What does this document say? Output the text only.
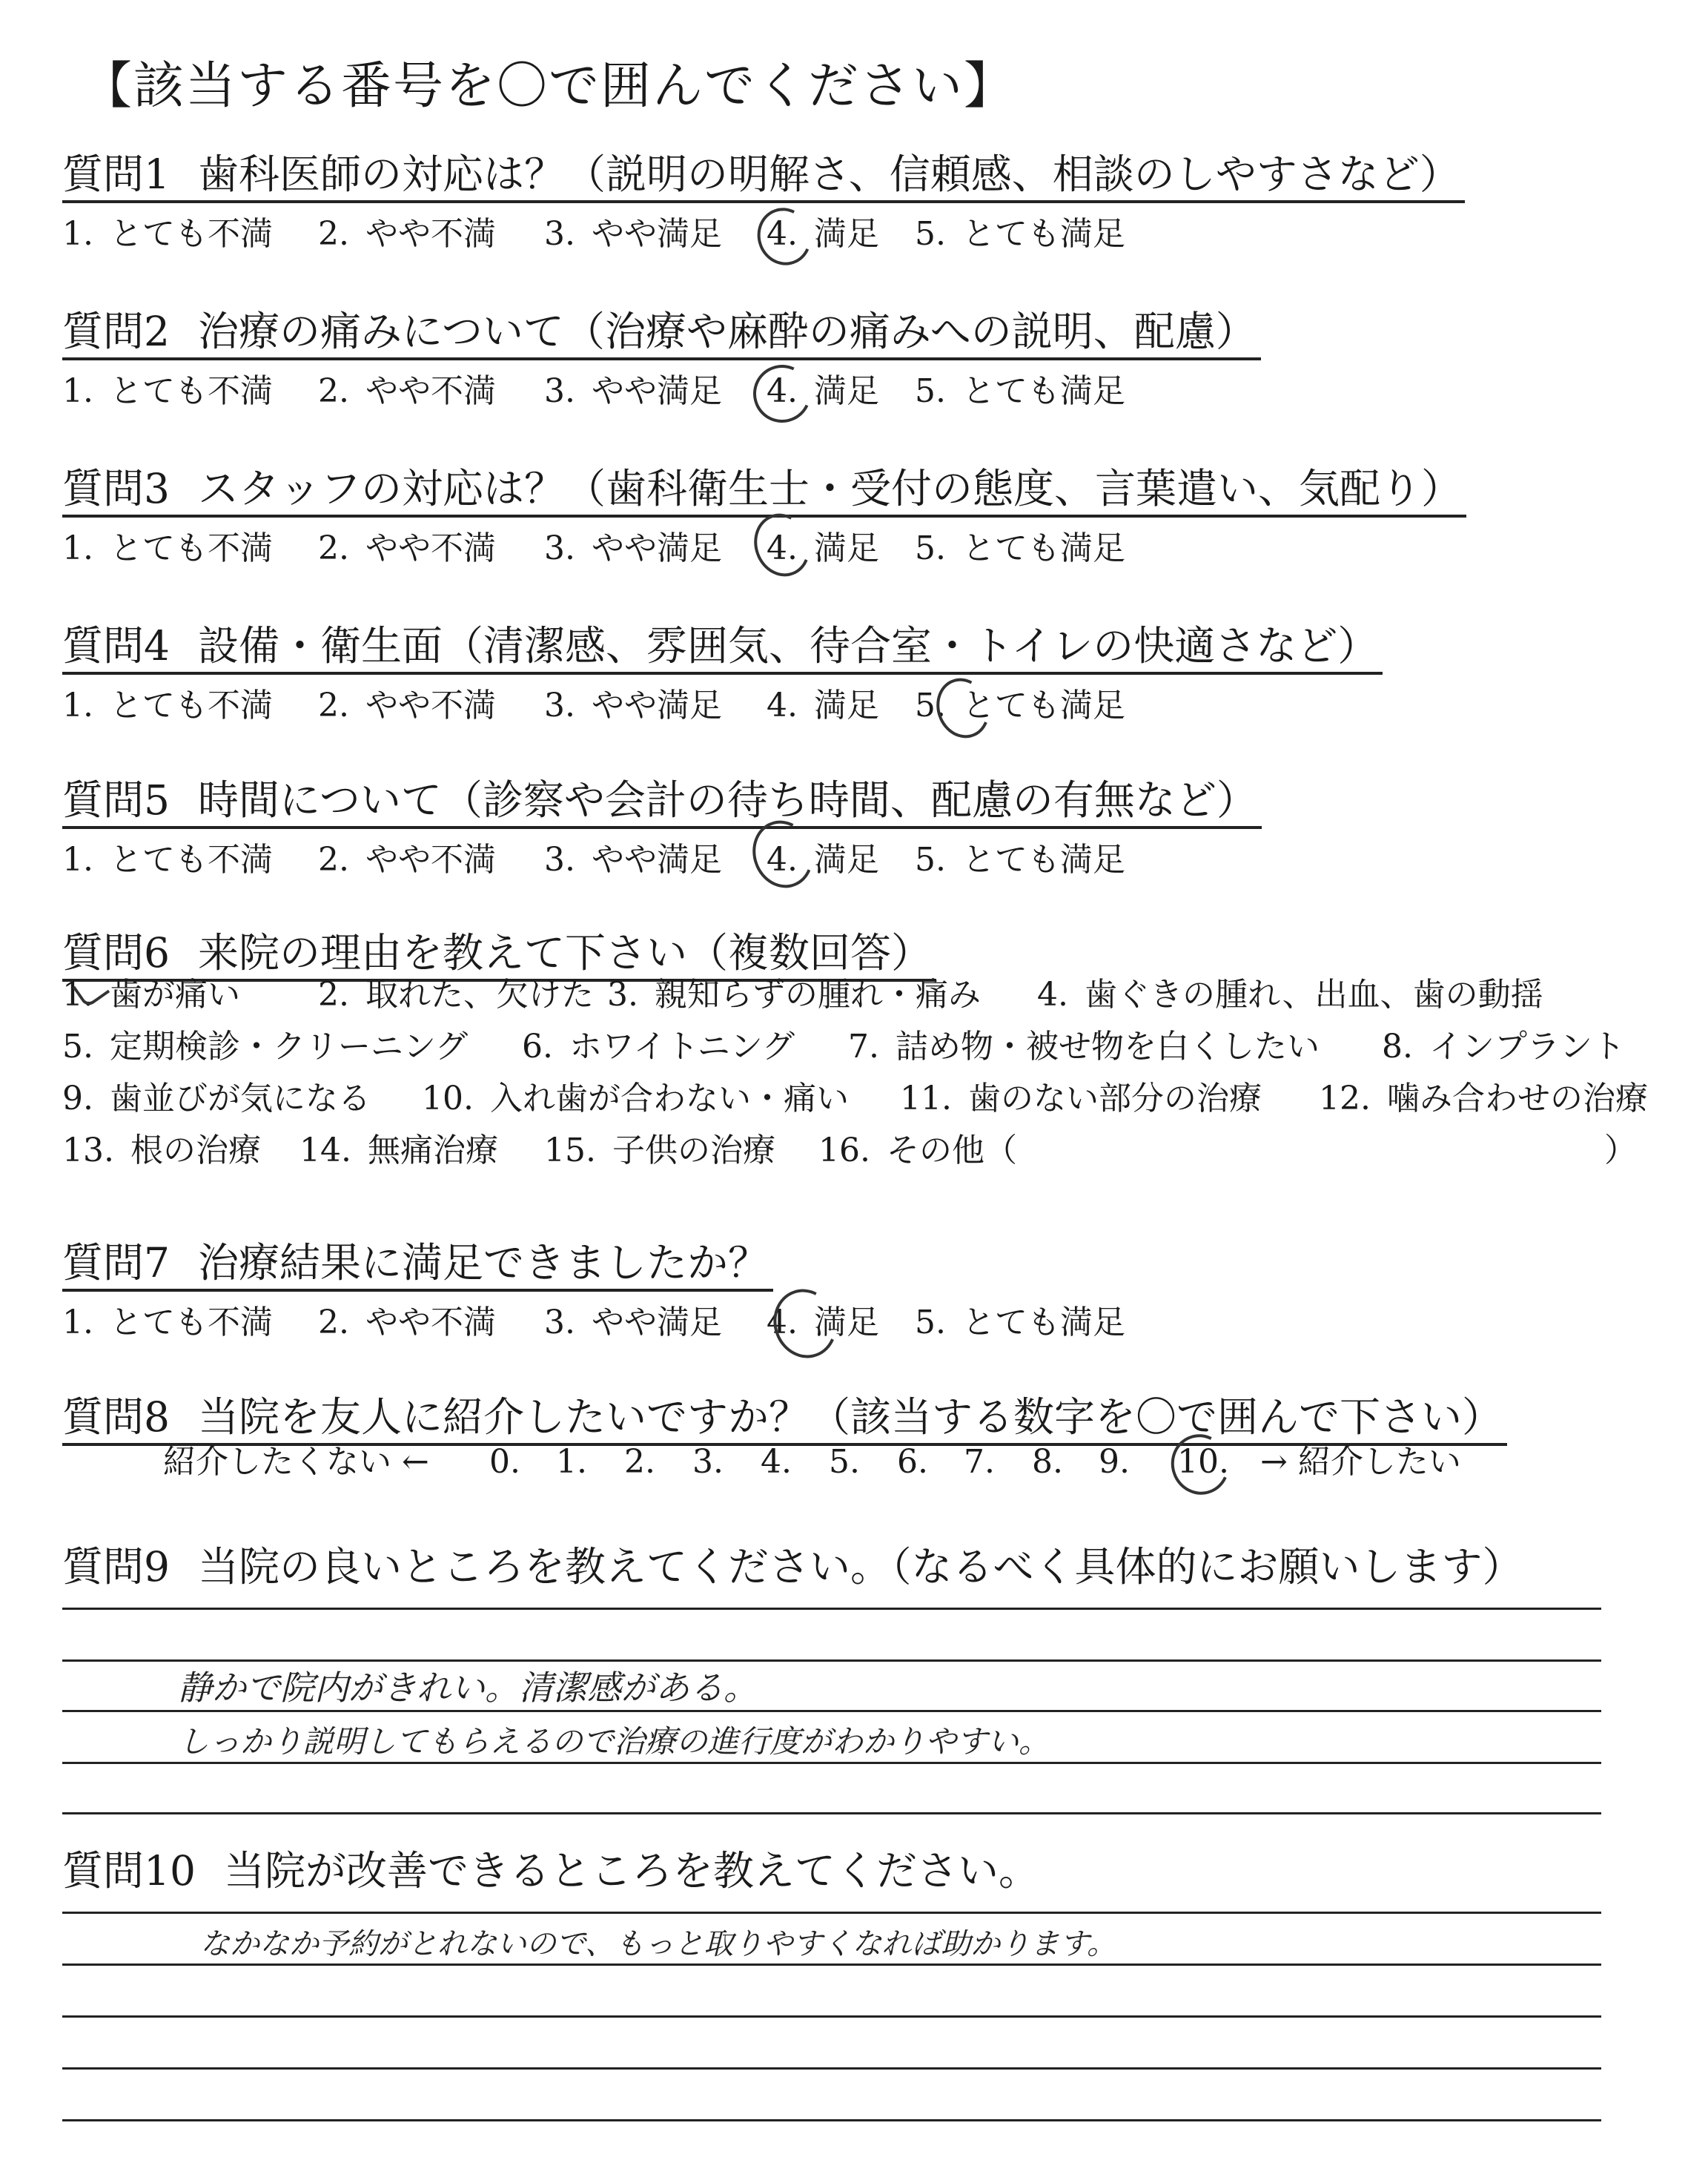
【該当する番号を〇で囲んでください】
質問1 歯科医師の対応は？（説明の明解さ、信頼感、相談のしやすさなど）
1. とても不満 2. やや不満 3. やや満足 4. 満足 5. とても満足
質問2 治療の痛みについて（治療や麻酔の痛みへの説明、配慮）
1. とても不満 2. やや不満 3. やや満足 4. 満足 5. とても満足
質問3 スタッフの対応は？（歯科衛生士・受付の態度、言葉遣い、気配り）
1. とても不満 2. やや不満 3. やや満足 4. 満足 5. とても満足
質問4 設備・衛生面（清潔感、雰囲気、待合室・トイレの快適さなど）
1. とても不満 2. やや不満 3. やや満足 4. 満足 5. とても満足
質問5 時間について（診察や会計の待ち時間、配慮の有無など）
1. とても不満 2. やや不満 3. やや満足 4. 満足 5. とても満足
質問6 来院の理由を教えて下さい（複数回答）
1. 歯が痛い 2. 取れた、欠けた 3. 親知らずの腫れ・痛み 4. 歯ぐきの腫れ、出血、歯の動揺
5. 定期検診・クリーニング 6. ホワイトニング 7. 詰め物・被せ物を白くしたい 8. インプラント
9. 歯並びが気になる 10. 入れ歯が合わない・痛い 11. 歯のない部分の治療 12. 噛み合わせの治療
13. 根の治療 14. 無痛治療 15. 子供の治療 16. その他（	）
質問7 治療結果に満足できましたか？
1. とても不満 2. やや不満 3. やや満足 4. 満足 5. とても満足
質問8 当院を友人に紹介したいですか？（該当する数字を〇で囲んで下さい）
紹介したくない ← 0. 1. 2. 3. 4. 5. 6. 7. 8. 9. 10. → 紹介したい
質問9 当院の良いところを教えてください。（なるべく具体的にお願いします）
静かで院内がきれい。清潔感がある。
しっかり説明してもらえるので治療の進行度がわかりやすい。
質問10 当院が改善できるところを教えてください。
なかなか予約がとれないので、もっと取りやすくなれば助かります。
